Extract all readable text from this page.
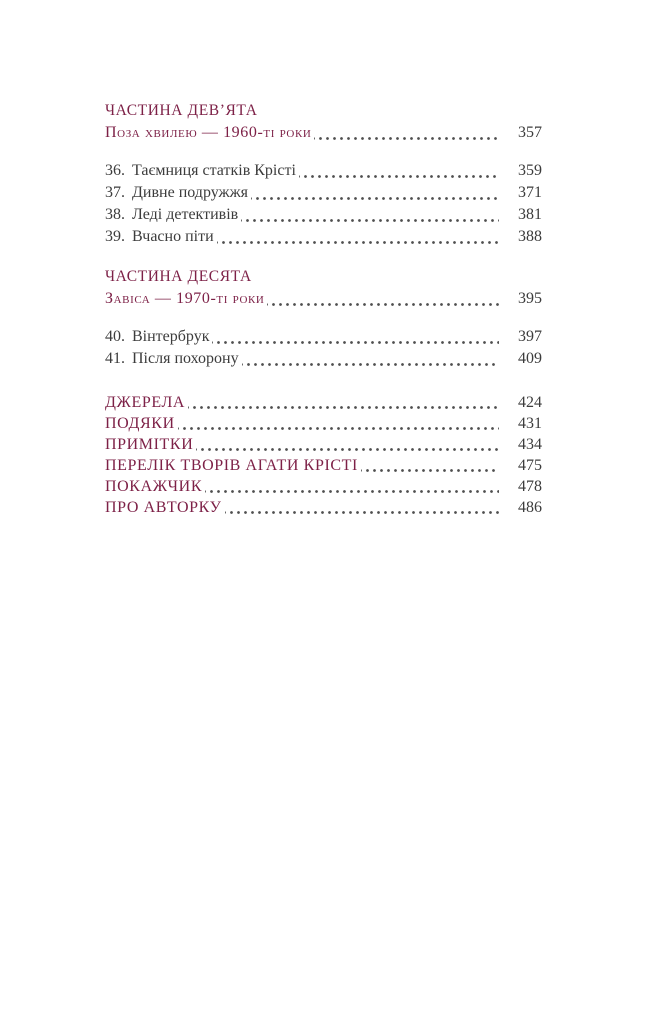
ЧАСТИНА ДЕВ’ЯТА
Поза хвилею — 1960-ті роки	357
36. Таємниця статків Крісті	359
37. Дивне подружжя	371
38. Леді детективів	381
39. Вчасно піти	388
ЧАСТИНА ДЕСЯТА
Завіса — 1970-ті роки	395
40. Вінтербрук	397
41. Після похорону	409
ДЖЕРЕЛА	424
ПОДЯКИ	431
ПРИМІТКИ	434
ПЕРЕЛІК ТВОРІВ АГАТИ КРІСТІ	475
ПОКАЖЧИК	478
ПРО АВТОРКУ	486
